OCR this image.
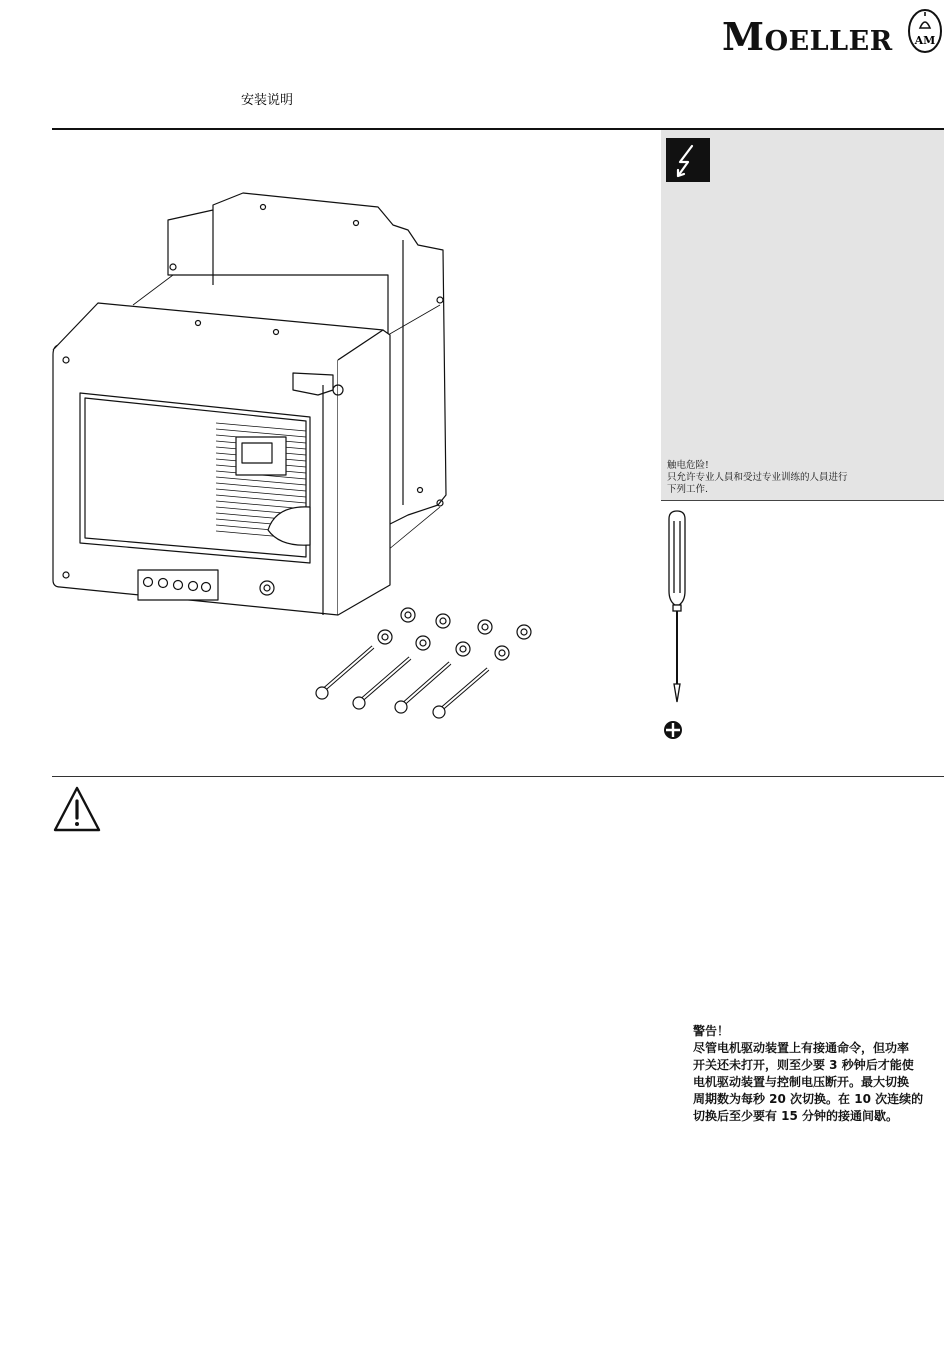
MOELLER AM
安装说明
触电危险!
只允许专业人員和受过专业训练的人員进行
下列工作.
警告！
尽管电机驱动装置上有接通命令，但功率
开关还未打开，则至少要 3 秒钟后才能使
电机驱动装置与控制电压断开。最大切换
周期数为每秒 20 次切换。在 10 次连续的
切换后至少要有 15 分钟的接通间歇。
